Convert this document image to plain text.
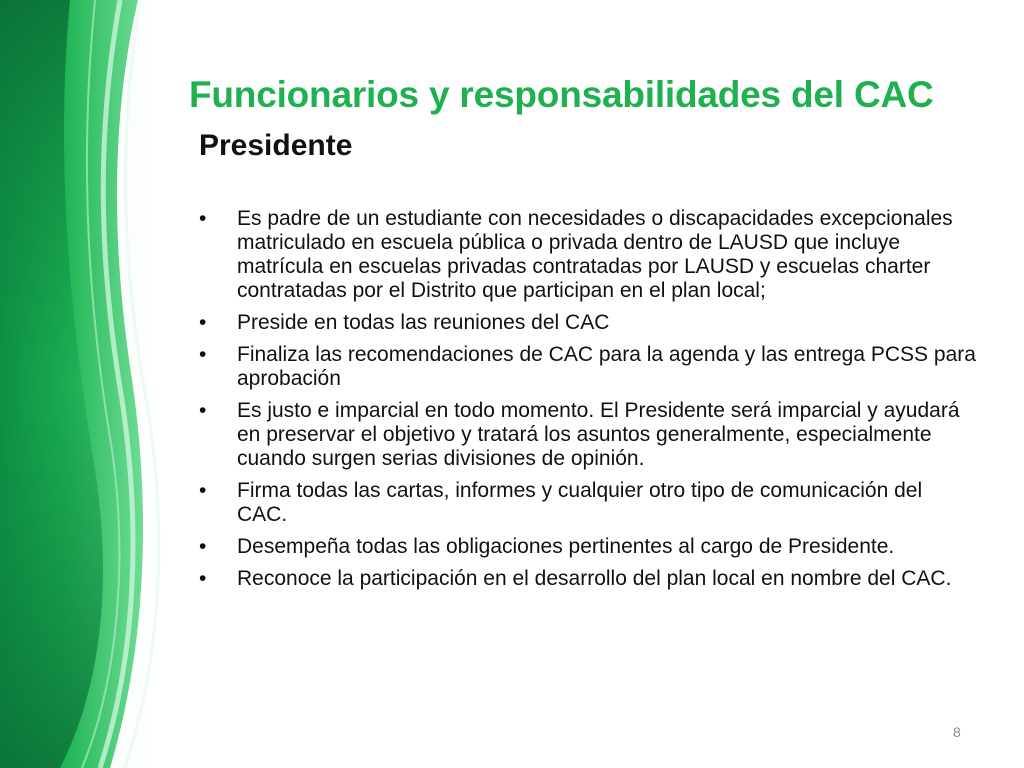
Funcionarios y responsabilidades del CAC
Presidente
•	Es padre de un estudiante con necesidades o discapacidades excepcionales matriculado en escuela pública o privada dentro de LAUSD que incluye matrícula en escuelas privadas contratadas por LAUSD y escuelas charter contratadas por el Distrito que participan en el plan local;
•	Preside en todas las reuniones del CAC
•	Finaliza las recomendaciones de CAC para la agenda y las entrega PCSS para aprobación
•	Es justo e imparcial en todo momento. El Presidente será imparcial y ayudará en preservar el objetivo y tratará los asuntos generalmente, especialmente cuando surgen serias divisiones de opinión.
•	Firma todas las cartas, informes y cualquier otro tipo de comunicación del CAC.
•	Desempeña todas las obligaciones pertinentes al cargo de Presidente.
•	Reconoce la participación en el desarrollo del plan local en nombre del CAC.
8
